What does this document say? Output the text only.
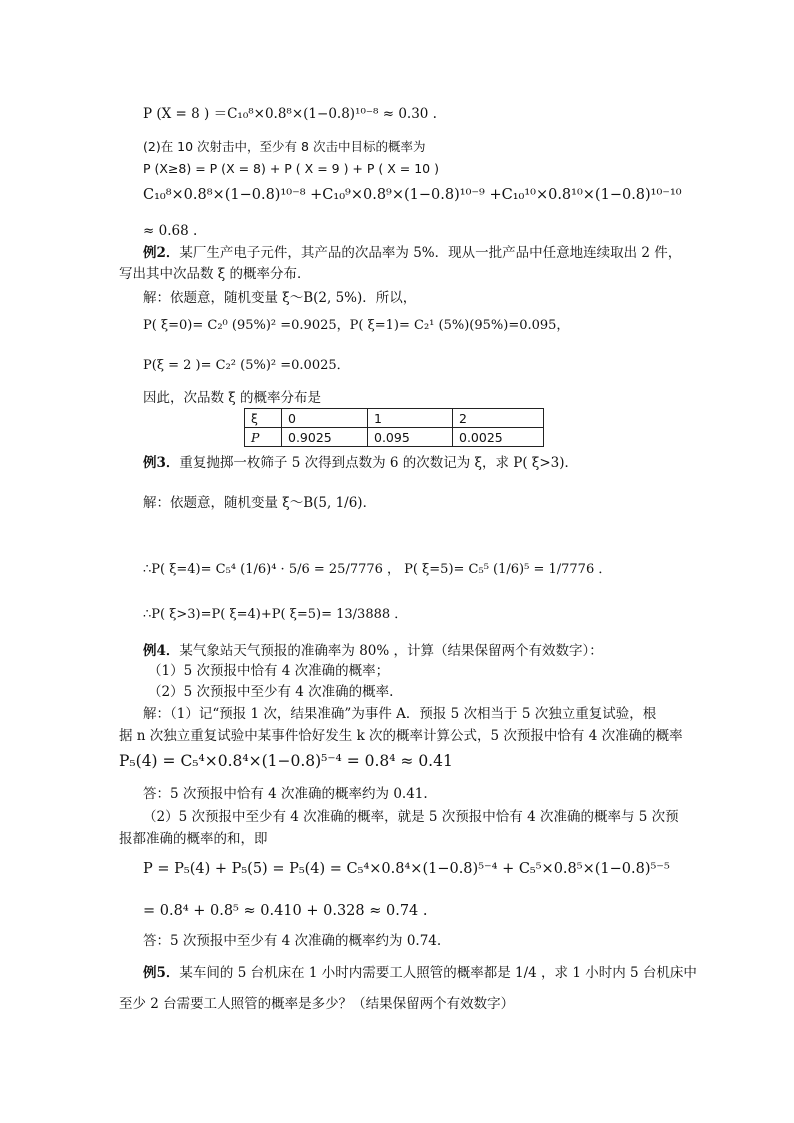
P (X = 8 ) ＝C₁₀⁸×0.8⁸×(1−0.8)¹⁰⁻⁸ ≈ 0.30 .
(2)在 10 次射击中，至少有 8 次击中目标的概率为
P (X≥8) = P (X = 8) + P ( X = 9 ) + P ( X = 10 )
C₁₀⁸×0.8⁸×(1−0.8)¹⁰⁻⁸ +C₁₀⁹×0.8⁹×(1−0.8)¹⁰⁻⁹ +C₁₀¹⁰×0.8¹⁰×(1−0.8)¹⁰⁻¹⁰
≈ 0.68 .
例2．某厂生产电子元件，其产品的次品率为 5%．现从一批产品中任意地连续取出 2 件，
写出其中次品数 ξ 的概率分布．
解：依题意，随机变量 ξ～B(2, 5%)．所以，
P( ξ=0)= C₂⁰ (95%)² =0.9025，P( ξ=1)= C₂¹ (5%)(95%)=0.095，
P(ξ = 2 )= C₂² (5%)² =0.0025．
因此，次品数 ξ 的概率分布是
ξ	0	1	2
P	0.9025	0.095	0.0025
例3．重复抛掷一枚筛子 5 次得到点数为 6 的次数记为 ξ，求 P( ξ>3)．
解：依题意，随机变量 ξ～B(5, 1/6)．
∴P( ξ=4)= C₅⁴ (1/6)⁴ · 5/6 = 25/7776 ， P( ξ=5)= C₅⁵ (1/6)⁵ = 1/7776 ．
∴P( ξ>3)=P( ξ=4)+P( ξ=5)= 13/3888 ．
例4．某气象站天气预报的准确率为 80% ，计算（结果保留两个有效数字）：
（1）5 次预报中恰有 4 次准确的概率；
（2）5 次预报中至少有 4 次准确的概率.
解：（1）记“预报 1 次，结果准确”为事件 A．预报 5 次相当于 5 次独立重复试验，根
据 n 次独立重复试验中某事件恰好发生 k 次的概率计算公式，5 次预报中恰有 4 次准确的概率
P₅(4) = C₅⁴×0.8⁴×(1−0.8)⁵⁻⁴ = 0.8⁴ ≈ 0.41
答：5 次预报中恰有 4 次准确的概率约为 0.41.
（2）5 次预报中至少有 4 次准确的概率，就是 5 次预报中恰有 4 次准确的概率与 5 次预
报都准确的概率的和，即
P = P₅(4) + P₅(5) = P₅(4) = C₅⁴×0.8⁴×(1−0.8)⁵⁻⁴ + C₅⁵×0.8⁵×(1−0.8)⁵⁻⁵
= 0.8⁴ + 0.8⁵ ≈ 0.410 + 0.328 ≈ 0.74 .
答：5 次预报中至少有 4 次准确的概率约为 0.74.
例5．某车间的 5 台机床在 1 小时内需要工人照管的概率都是 1/4 ，求 1 小时内 5 台机床中
至少 2 台需要工人照管的概率是多少？（结果保留两个有效数字）
